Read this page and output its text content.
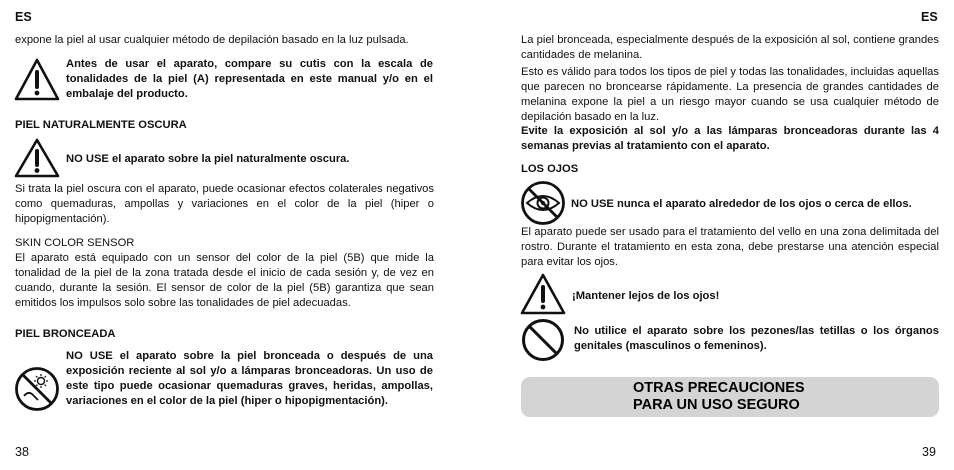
ES
expone la piel al usar cualquier método de depilación basado en la luz pulsada.
Antes de usar el aparato, compare su cutis con la escala de tonalidades de la piel (A) representada en este manual y/o en el embalaje del producto.
PIEL NATURALMENTE OSCURA
NO USE el aparato sobre la piel naturalmente oscura.
Si trata la piel oscura con el aparato, puede ocasionar efectos colaterales negativos como quemaduras, ampollas y variaciones en el color de la piel (hiper o hipopigmentación).
SKIN COLOR SENSOR
El aparato está equipado con un sensor del color de la piel (5B) que mide la tonalidad de la piel de la zona tratada desde el inicio de cada sesión y, de vez en cuando, durante la sesión. El sensor de color de la piel (5B) garantiza que sean emitidos los impulsos solo sobre las tonalidades de piel adecuadas.
PIEL BRONCEADA
NO USE el aparato sobre la piel bronceada o después de una exposición reciente al sol y/o a lámparas bronceadoras. Un uso de este tipo puede ocasionar quemaduras graves, heridas, ampollas, variaciones en el color de la piel (hiper o hipopigmentación).
38
ES
La piel bronceada, especialmente después de la exposición al sol, contiene grandes cantidades de melanina.
Esto es válido para todos los tipos de piel y todas las tonalidades, incluidas aquellas que parecen no broncearse rápidamente. La presencia de grandes cantidades de melanina expone la piel a un riesgo mayor cuando se usa cualquier método de depilación basado en la luz.
Evite la exposición al sol y/o a las lámparas bronceadoras durante las 4 semanas previas al tratamiento con el aparato.
LOS OJOS
NO USE nunca el aparato alrededor de los ojos o cerca de ellos.
El aparato puede ser usado para el tratamiento del vello en una zona delimitada del rostro. Durante el tratamiento en esta zona, debe prestarse una atención especial para evitar los ojos.
¡Mantener lejos de los ojos!
No utilice el aparato sobre los pezones/las tetillas o los órganos genitales (masculinos o femeninos).
OTRAS PRECAUCIONES
PARA UN USO SEGURO
39
